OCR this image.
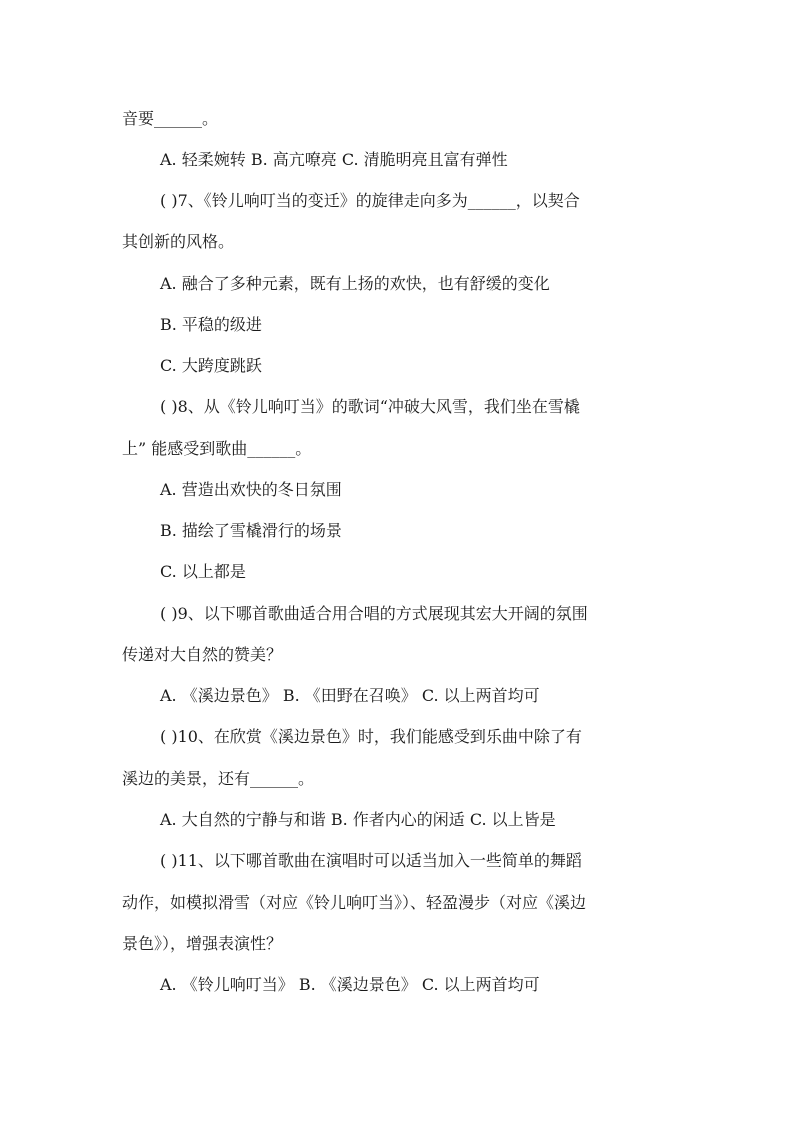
音要______。
A. 轻柔婉转 B. 高亢嘹亮 C. 清脆明亮且富有弹性
( )7、《铃儿响叮当的变迁》的旋律走向多为______，以契合
其创新的风格。
A. 融合了多种元素，既有上扬的欢快，也有舒缓的变化
B. 平稳的级进
C. 大跨度跳跃
( )8、从《铃儿响叮当》的歌词“冲破大风雪，我们坐在雪橇
上” 能感受到歌曲______。
A. 营造出欢快的冬日氛围
B. 描绘了雪橇滑行的场景
C. 以上都是
( )9、以下哪首歌曲适合用合唱的方式展现其宏大开阔的氛围
传递对大自然的赞美？
A. 《溪边景色》 B. 《田野在召唤》 C. 以上两首均可
( )10、在欣赏《溪边景色》时，我们能感受到乐曲中除了有
溪边的美景，还有______。
A. 大自然的宁静与和谐 B. 作者内心的闲适 C. 以上皆是
( )11、以下哪首歌曲在演唱时可以适当加入一些简单的舞蹈
动作，如模拟滑雪（对应《铃儿响叮当》）、轻盈漫步（对应《溪边
景色》），增强表演性？
A. 《铃儿响叮当》 B. 《溪边景色》 C. 以上两首均可
